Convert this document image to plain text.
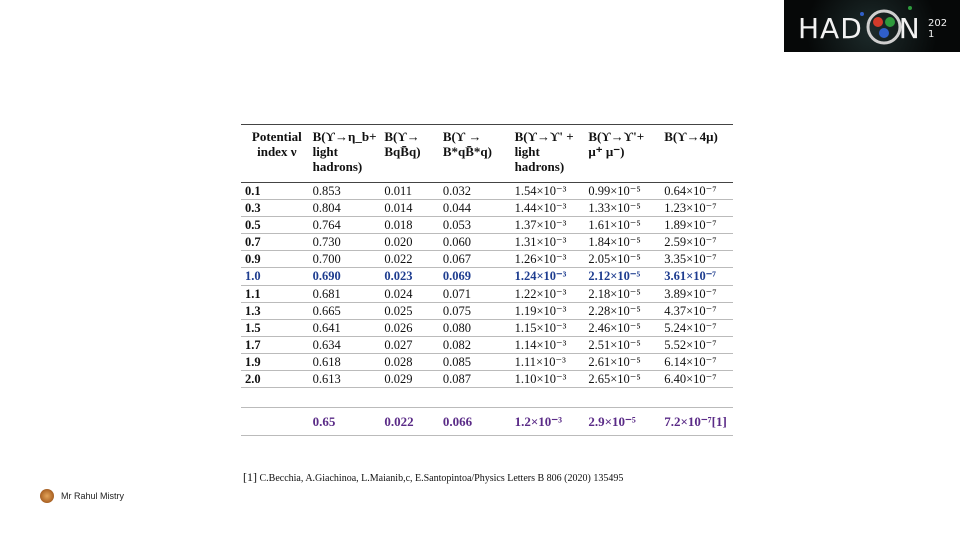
HAD N 2021
Potential index ν	B(ϒ→η_b+ light hadrons)	B(ϒ→ BqB̄q)	B(ϒ → B*qB̄*q)	B(ϒ→ϒ' + light hadrons)	B(ϒ→ϒ'+ μ⁺ μ⁻)	B(ϒ→4μ)
0.1	0.853	0.011	0.032	1.54×10⁻³	0.99×10⁻⁵	0.64×10⁻⁷
0.3	0.804	0.014	0.044	1.44×10⁻³	1.33×10⁻⁵	1.23×10⁻⁷
0.5	0.764	0.018	0.053	1.37×10⁻³	1.61×10⁻⁵	1.89×10⁻⁷
0.7	0.730	0.020	0.060	1.31×10⁻³	1.84×10⁻⁵	2.59×10⁻⁷
0.9	0.700	0.022	0.067	1.26×10⁻³	2.05×10⁻⁵	3.35×10⁻⁷
1.0	0.690	0.023	0.069	1.24×10⁻³	2.12×10⁻⁵	3.61×10⁻⁷
1.1	0.681	0.024	0.071	1.22×10⁻³	2.18×10⁻⁵	3.89×10⁻⁷
1.3	0.665	0.025	0.075	1.19×10⁻³	2.28×10⁻⁵	4.37×10⁻⁷
1.5	0.641	0.026	0.080	1.15×10⁻³	2.46×10⁻⁵	5.24×10⁻⁷
1.7	0.634	0.027	0.082	1.14×10⁻³	2.51×10⁻⁵	5.52×10⁻⁷
1.9	0.618	0.028	0.085	1.11×10⁻³	2.61×10⁻⁵	6.14×10⁻⁷
2.0	0.613	0.029	0.087	1.10×10⁻³	2.65×10⁻⁵	6.40×10⁻⁷

	0.65	0.022	0.066	1.2×10⁻³	2.9×10⁻⁵	7.2×10⁻⁷[1]
[1] C.Becchia, A.Giachinoa, L.Maianib,c, E.Santopintoa/Physics Letters B 806 (2020) 135495
Mr Rahul Mistry
